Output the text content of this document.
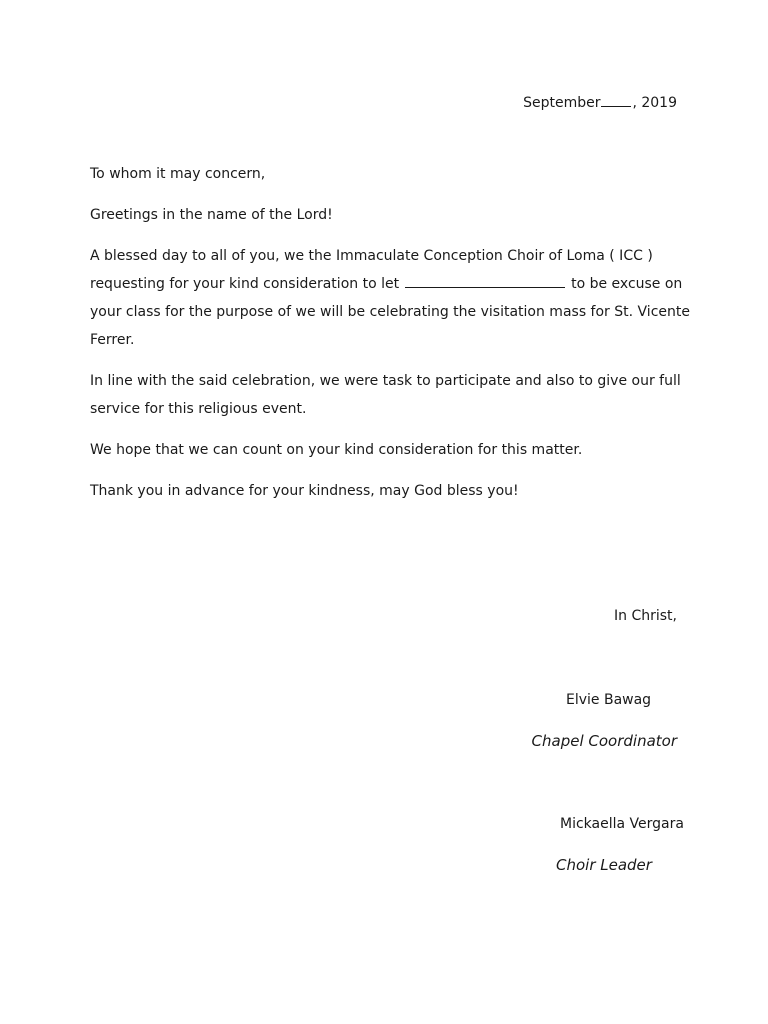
September , 2019

To whom it may concern,

Greetings in the name of the Lord!

A blessed day to all of you, we the Immaculate Conception Choir of Loma ( ICC ) requesting for your kind consideration to let	to be excuse on your class for the purpose of we will be celebrating the visitation mass for St. Vicente Ferrer.

In line with the said celebration, we were task to participate and also to give our full service for this religious event.

We hope that we can count on your kind consideration for this matter.

Thank you in advance for your kindness, may God bless you!

In Christ,
Elvie Bawag
Chapel Coordinator
Mickaella Vergara
Choir Leader
